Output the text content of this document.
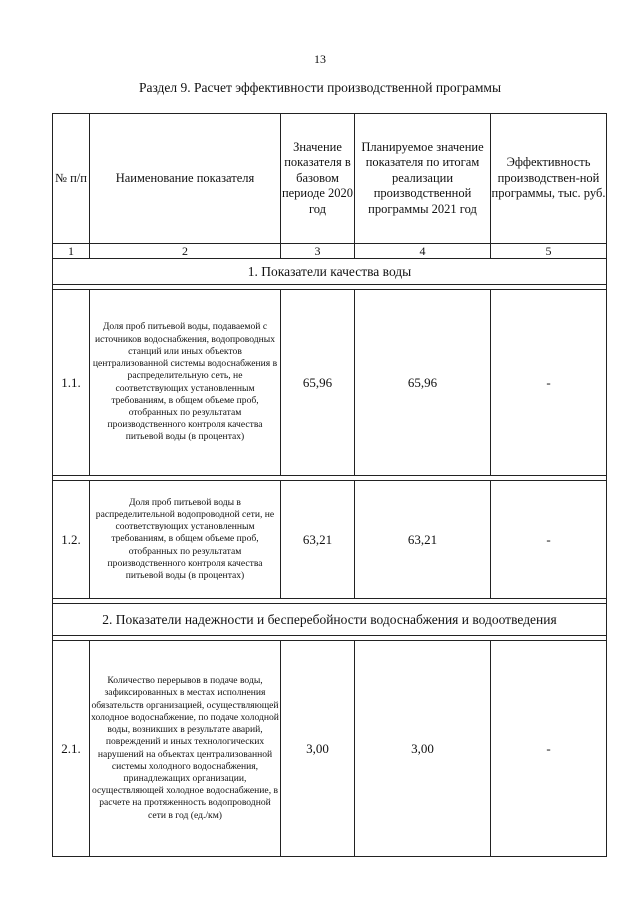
13
Раздел 9. Расчет эффективности производственной программы
№ п/п	Наименование показателя	Значение показателя в базовом периоде 2020 год	Планируемое значение показателя по итогам реализации производственной программы 2021 год	Эффективность производствен-ной программы, тыс. руб.
1	2	3	4	5
1. Показатели качества воды				

1.1.	Доля проб питьевой воды, подаваемой с источников водоснабжения, водопроводных станций или иных объектов централизованной системы водоснабжения в распределительную сеть, не соответствующих установленным требованиям, в общем объеме проб, отобранных по результатам производственного контроля качества питьевой воды (в процентах)	65,96	65,96	-

1.2.	Доля проб питьевой воды в распределительной водопроводной сети, не соответствующих установленным требованиям, в общем объеме проб, отобранных по результатам производственного контроля качества питьевой воды (в процентах)	63,21	63,21	-

2. Показатели надежности и бесперебойности водоснабжения и водоотведения				

2.1.	Количество перерывов в подаче воды, зафиксированных в местах исполнения обязательств организацией, осуществляющей холодное водоснабжение, по подаче холодной воды, возникших в результате аварий, повреждений и иных технологических нарушений на объектах централизованной системы холодного водоснабжения, принадлежащих организации, осуществляющей холодное водоснабжение, в расчете на протяженность водопроводной сети в год (ед./км)	3,00	3,00	-
